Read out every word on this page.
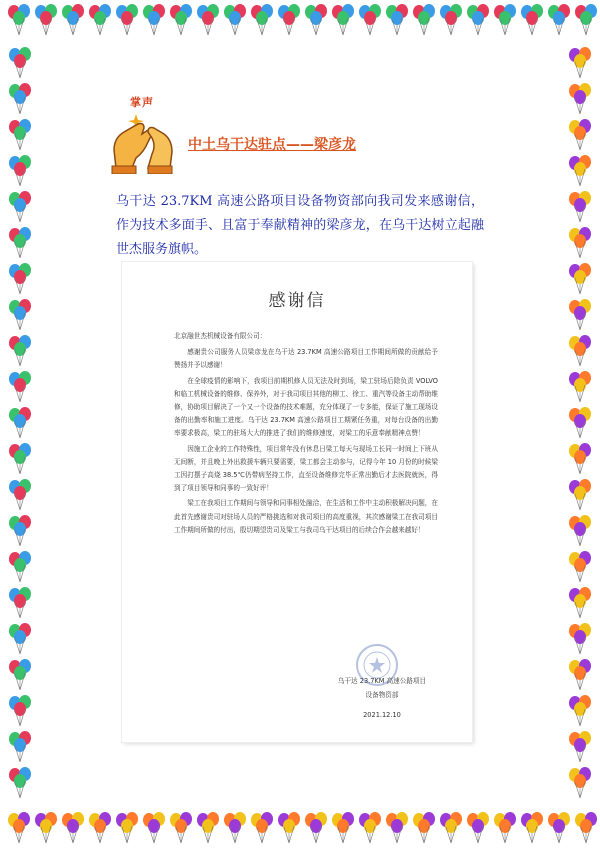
掌声
中土乌干达驻点——梁彦龙

乌干达 23.7KM 高速公路项目设备物资部向我司发来感谢信，作为技术多面手、且富于奉献精神的梁彦龙，在乌干达树立起融世杰服务旗帜。

感谢信
北京融世杰机械设备有限公司：

感谢贵公司服务人员梁彦龙在乌干达 23.7KM 高速公路项目工作期间所做的贡献给予赞扬并予以感谢！

在全球疫情的影响下，我项目前期机修人员无法及时到场，梁工驻场后除负责 VOLVO 和临工机械设备的维修、保养外，对于我司项目其他的柳工、徐工、重汽等设备主动帮助维修，协助项目解决了一个又一个设备的技术难题，充分体现了一专多能，保证了施工现场设备的出勤率和施工进度。乌干达 23.7KM 高速公路项目工期紧任务重，对每台设备的出勤率要求极高，梁工的驻场大大的推进了我们的维修速度，对梁工的乐意奉献精神点赞！

因施工企业的工作特殊性，项目常年没有休息日梁工每天与现场工长同一时间上下班从无间断，并且晚上外出救援车辆只要需要，梁工都会主动参与，记得今年 10 月份的时候梁工因打摆子高烧 38.5℃仍带病坚持工作，直至设备维修完毕正常出勤后才去医院就医，得到了项目领导和同事的一致好评！

梁工在我项目工作期间与领导和同事相处融洽，在生活和工作中主动积极解决问题，在此首先感谢贵司对驻场人员的严格挑选和对我司项目的高度重视，其次感谢梁工在我司项目工作期间所做的付出，殷切期望贵司及梁工与我司乌干达项目的后续合作会越来越好！

乌干达 23.7KM 高速公路项目
设备物资部
2021.12.10
